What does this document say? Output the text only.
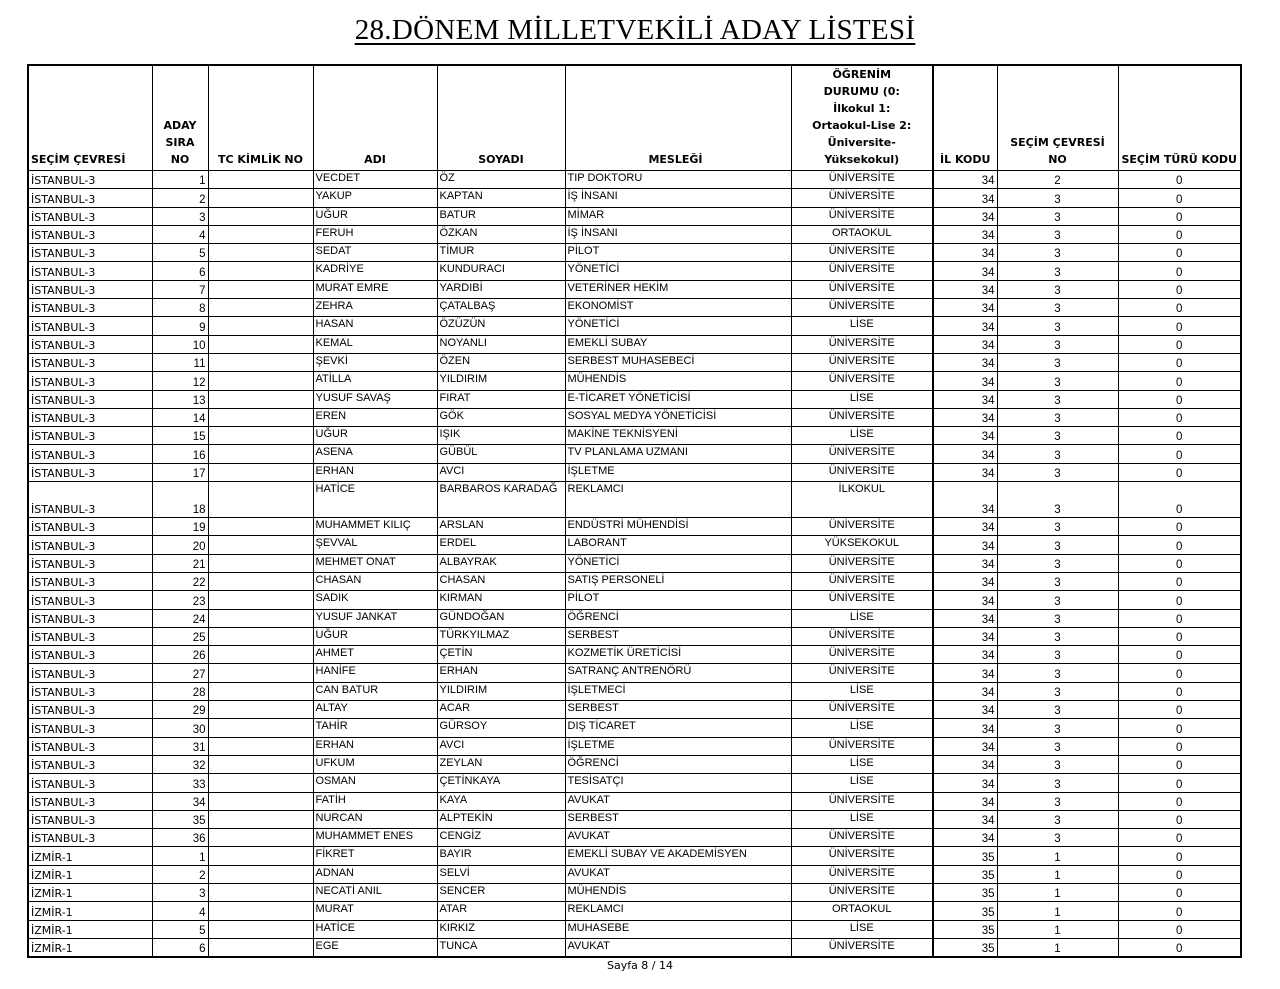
28.DÖNEM MİLLETVEKİLİ ADAY LİSTESİ
SEÇİM ÇEVRESİ	ADAY SIRA NO	TC KİMLİK NO	ADI	SOYADI	MESLEĞİ	ÖĞRENİM DURUMU (0: İlkokul 1: Ortaokul-Lise 2: Üniversite-Yüksekokul)	İL KODU	SEÇİM ÇEVRESİ NO	SEÇİM TÜRÜ KODU
İSTANBUL-3	1		VECDET	ÖZ	TIP DOKTORU	ÜNİVERSİTE	34	2	0
İSTANBUL-3	2		YAKUP	KAPTAN	İŞ İNSANI	ÜNİVERSİTE	34	3	0
İSTANBUL-3	3		UĞUR	BATUR	MİMAR	ÜNİVERSİTE	34	3	0
İSTANBUL-3	4		FERUH	ÖZKAN	İŞ İNSANI	ORTAOKUL	34	3	0
İSTANBUL-3	5		SEDAT	TİMUR	PİLOT	ÜNİVERSİTE	34	3	0
İSTANBUL-3	6		KADRİYE	KUNDURACI	YÖNETİCİ	ÜNİVERSİTE	34	3	0
İSTANBUL-3	7		MURAT EMRE	YARDIBİ	VETERİNER HEKİM	ÜNİVERSİTE	34	3	0
İSTANBUL-3	8		ZEHRA	ÇATALBAŞ	EKONOMİST	ÜNİVERSİTE	34	3	0
İSTANBUL-3	9		HASAN	ÖZÜZÜN	YÖNETİCİ	LİSE	34	3	0
İSTANBUL-3	10		KEMAL	NOYANLI	EMEKLİ SUBAY	ÜNİVERSİTE	34	3	0
İSTANBUL-3	11		ŞEVKİ	ÖZEN	SERBEST MUHASEBECİ	ÜNİVERSİTE	34	3	0
İSTANBUL-3	12		ATİLLA	YILDIRIM	MÜHENDİS	ÜNİVERSİTE	34	3	0
İSTANBUL-3	13		YUSUF SAVAŞ	FIRAT	E-TİCARET YÖNETİCİSİ	LİSE	34	3	0
İSTANBUL-3	14		EREN	GÖK	SOSYAL MEDYA YÖNETİCİSİ	ÜNİVERSİTE	34	3	0
İSTANBUL-3	15		UĞUR	IŞIK	MAKİNE TEKNİSYENİ	LİSE	34	3	0
İSTANBUL-3	16		ASENA	GÜBÜL	TV PLANLAMA UZMANI	ÜNİVERSİTE	34	3	0
İSTANBUL-3	17		ERHAN	AVCI	İŞLETME	ÜNİVERSİTE	34	3	0
İSTANBUL-3	18		HATİCE	BARBAROS KARADAĞ	REKLAMCI	İLKOKUL	34	3	0
İSTANBUL-3	19		MUHAMMET KILIÇ	ARSLAN	ENDÜSTRİ MÜHENDİSİ	ÜNİVERSİTE	34	3	0
İSTANBUL-3	20		ŞEVVAL	ERDEL	LABORANT	YÜKSEKOKUL	34	3	0
İSTANBUL-3	21		MEHMET ONAT	ALBAYRAK	YÖNETİCİ	ÜNİVERSİTE	34	3	0
İSTANBUL-3	22		CHASAN	CHASAN	SATIŞ PERSONELİ	ÜNİVERSİTE	34	3	0
İSTANBUL-3	23		SADIK	KIRMAN	PİLOT	ÜNİVERSİTE	34	3	0
İSTANBUL-3	24		YUSUF JANKAT	GÜNDOĞAN	ÖĞRENCİ	LİSE	34	3	0
İSTANBUL-3	25		UĞUR	TÜRKYILMAZ	SERBEST	ÜNİVERSİTE	34	3	0
İSTANBUL-3	26		AHMET	ÇETİN	KOZMETİK ÜRETİCİSİ	ÜNİVERSİTE	34	3	0
İSTANBUL-3	27		HANİFE	ERHAN	SATRANÇ ANTRENÖRÜ	ÜNİVERSİTE	34	3	0
İSTANBUL-3	28		CAN BATUR	YILDIRIM	İŞLETMECİ	LİSE	34	3	0
İSTANBUL-3	29		ALTAY	ACAR	SERBEST	ÜNİVERSİTE	34	3	0
İSTANBUL-3	30		TAHİR	GÜRSOY	DIŞ TİCARET	LİSE	34	3	0
İSTANBUL-3	31		ERHAN	AVCI	İŞLETME	ÜNİVERSİTE	34	3	0
İSTANBUL-3	32		UFKUM	ZEYLAN	ÖĞRENCİ	LİSE	34	3	0
İSTANBUL-3	33		OSMAN	ÇETİNKAYA	TESİSATÇI	LİSE	34	3	0
İSTANBUL-3	34		FATİH	KAYA	AVUKAT	ÜNİVERSİTE	34	3	0
İSTANBUL-3	35		NURCAN	ALPTEKİN	SERBEST	LİSE	34	3	0
İSTANBUL-3	36		MUHAMMET ENES	CENGİZ	AVUKAT	ÜNİVERSİTE	34	3	0
İZMİR-1	1		FİKRET	BAYIR	EMEKLİ SUBAY VE AKADEMİSYEN	ÜNİVERSİTE	35	1	0
İZMİR-1	2		ADNAN	SELVİ	AVUKAT	ÜNİVERSİTE	35	1	0
İZMİR-1	3		NECATİ ANIL	SENCER	MÜHENDİS	ÜNİVERSİTE	35	1	0
İZMİR-1	4		MURAT	ATAR	REKLAMCI	ORTAOKUL	35	1	0
İZMİR-1	5		HATİCE	KIRKIZ	MUHASEBE	LİSE	35	1	0
İZMİR-1	6		EGE	TUNCA	AVUKAT	ÜNİVERSİTE	35	1	0
Sayfa 8 / 14
